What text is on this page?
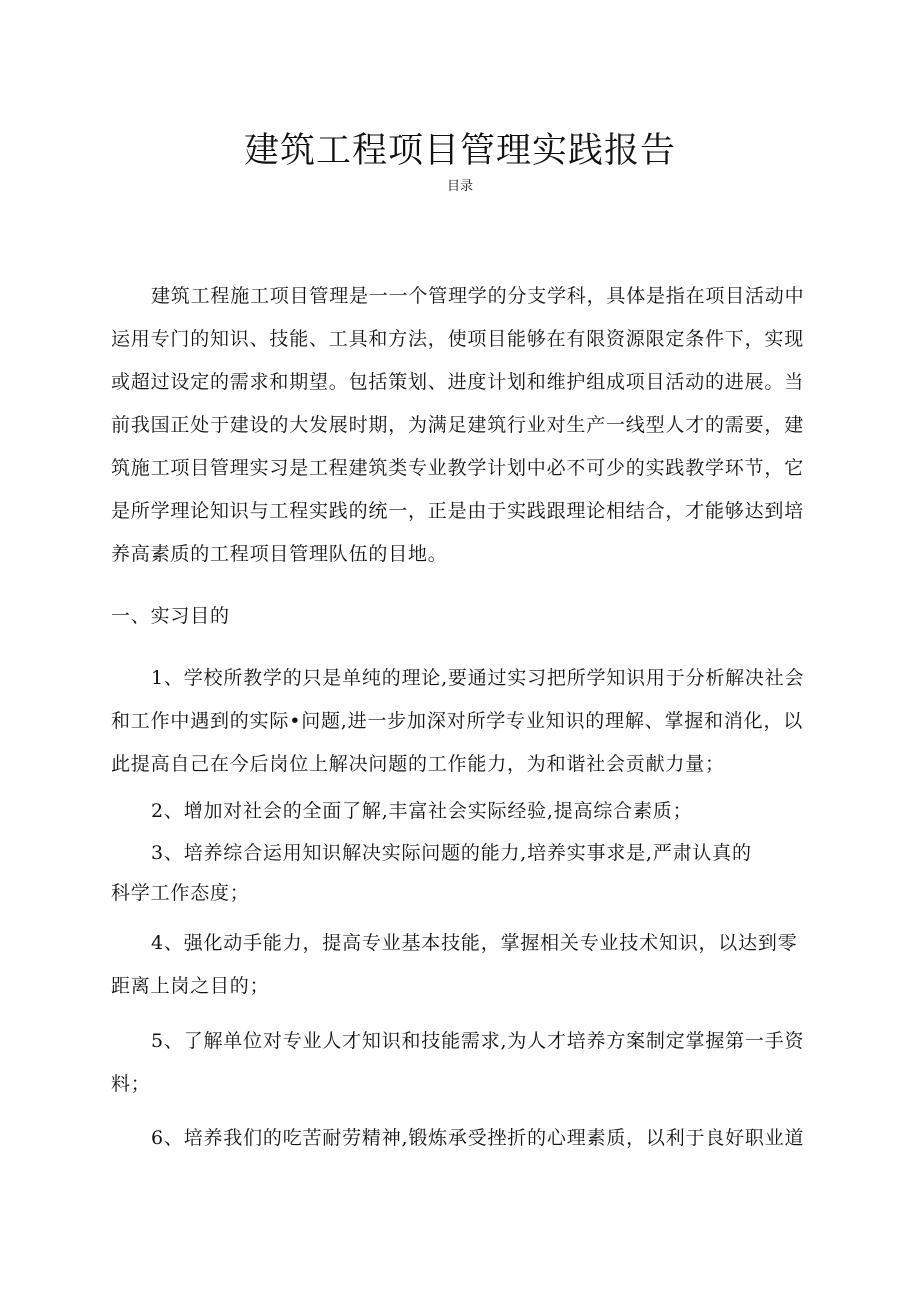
建筑工程项目管理实践报告
目录
建筑工程施工项目管理是一一个管理学的分支学科，具体是指在项目活动中
运用专门的知识、技能、工具和方法，使项目能够在有限资源限定条件下，实现
或超过设定的需求和期望。包括策划、进度计划和维护组成项目活动的进展。当
前我国正处于建设的大发展时期，为满足建筑行业对生产一线型人才的需要，建
筑施工项目管理实习是工程建筑类专业教学计划中必不可少的实践教学环节，它
是所学理论知识与工程实践的统一，正是由于实践跟理论相结合，才能够达到培
养高素质的工程项目管理队伍的目地。
一、实习目的
1、学校所教学的只是单纯的理论,要通过实习把所学知识用于分析解决社会
和工作中遇到的实际•问题,进一步加深对所学专业知识的理解、掌握和消化，以
此提高自己在今后岗位上解决问题的工作能力，为和谐社会贡献力量；
2、增加对社会的全面了解,丰富社会实际经验,提高综合素质；
3、培养综合运用知识解决实际问题的能力,培养实事求是,严肃认真的
科学工作态度；
4、强化动手能力，提高专业基本技能，掌握相关专业技术知识，以达到零
距离上岗之目的；
5、了解单位对专业人才知识和技能需求,为人才培养方案制定掌握第一手资
料；
6、培养我们的吃苦耐劳精神,锻炼承受挫折的心理素质，以利于良好职业道
